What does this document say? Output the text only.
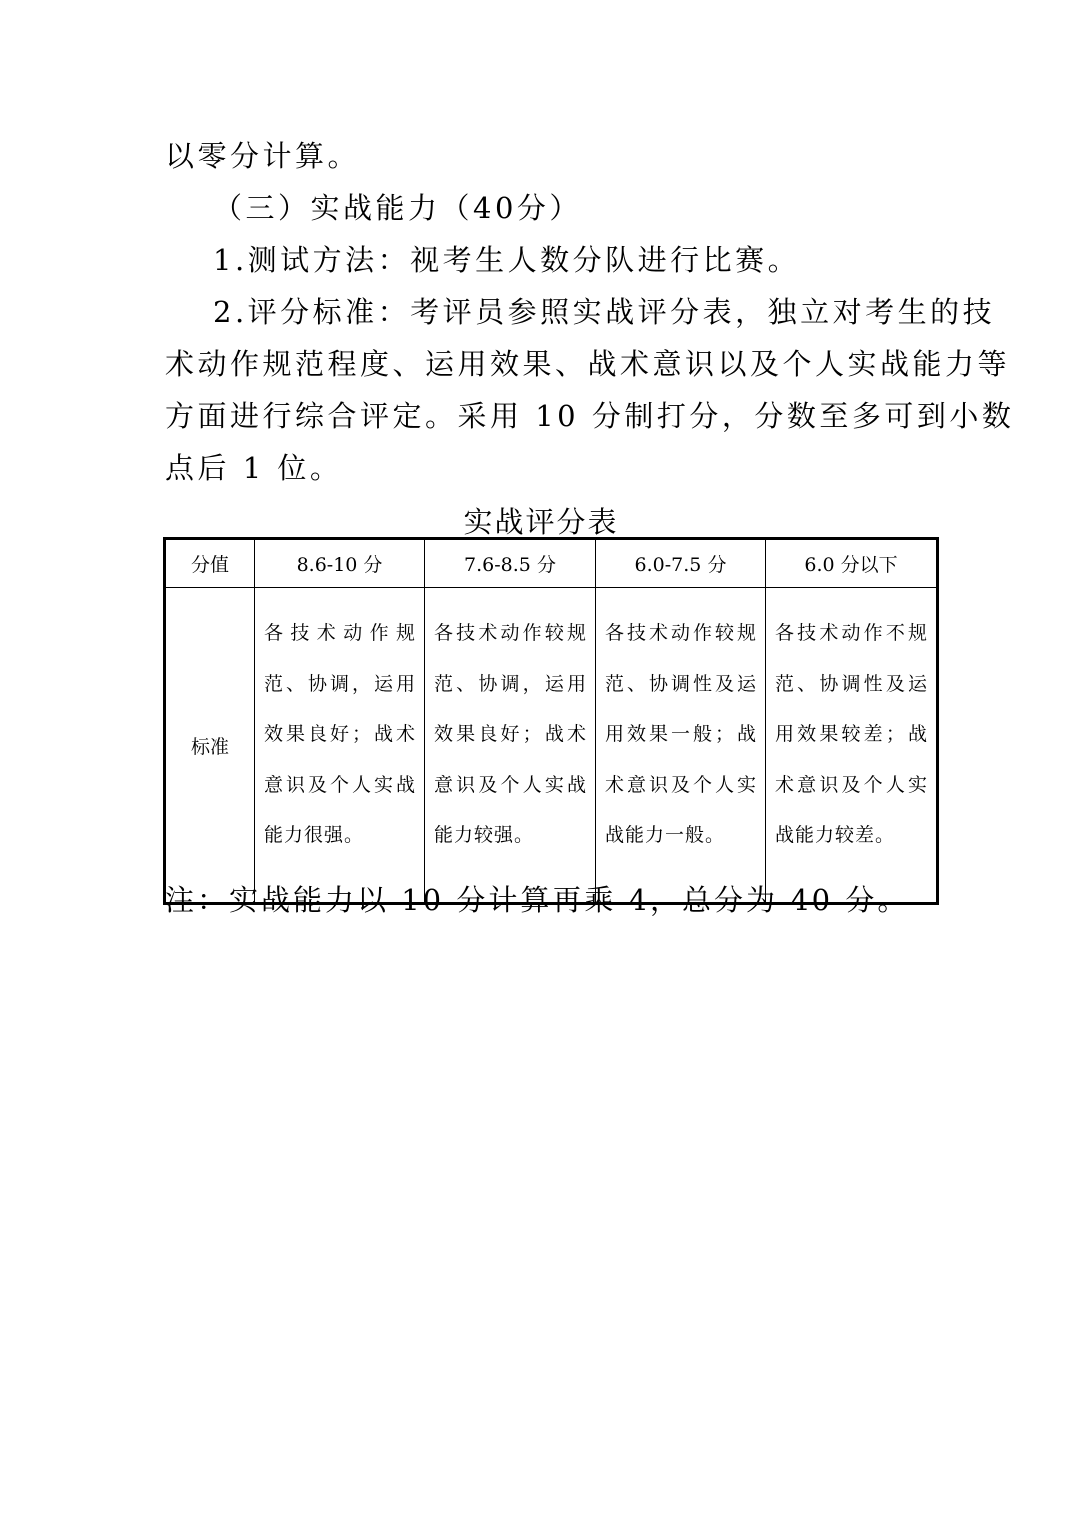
以零分计算。
（三）实战能力（40分）
1.测试方法：视考生人数分队进行比赛。
2.评分标准：考评员参照实战评分表，独立对考生的技
术动作规范程度、运用效果、战术意识以及个人实战能力等
方面进行综合评定。采用 10 分制打分，分数至多可到小数
点后 1 位。
实战评分表
分值	8.6-10 分	7.6-8.5 分	6.0-7.5 分	6.0 分以下
标准	各技术动作规范、协调，运用效果良好；战术意识及个人实战能力很强。	各技术动作较规范、协调，运用效果良好；战术意识及个人实战能力较强。	各技术动作较规范、协调性及运用效果一般；战术意识及个人实战能力一般。	各技术动作不规范、协调性及运用效果较差；战术意识及个人实战能力较差。
注：实战能力以 10 分计算再乘 4，总分为 40 分。
